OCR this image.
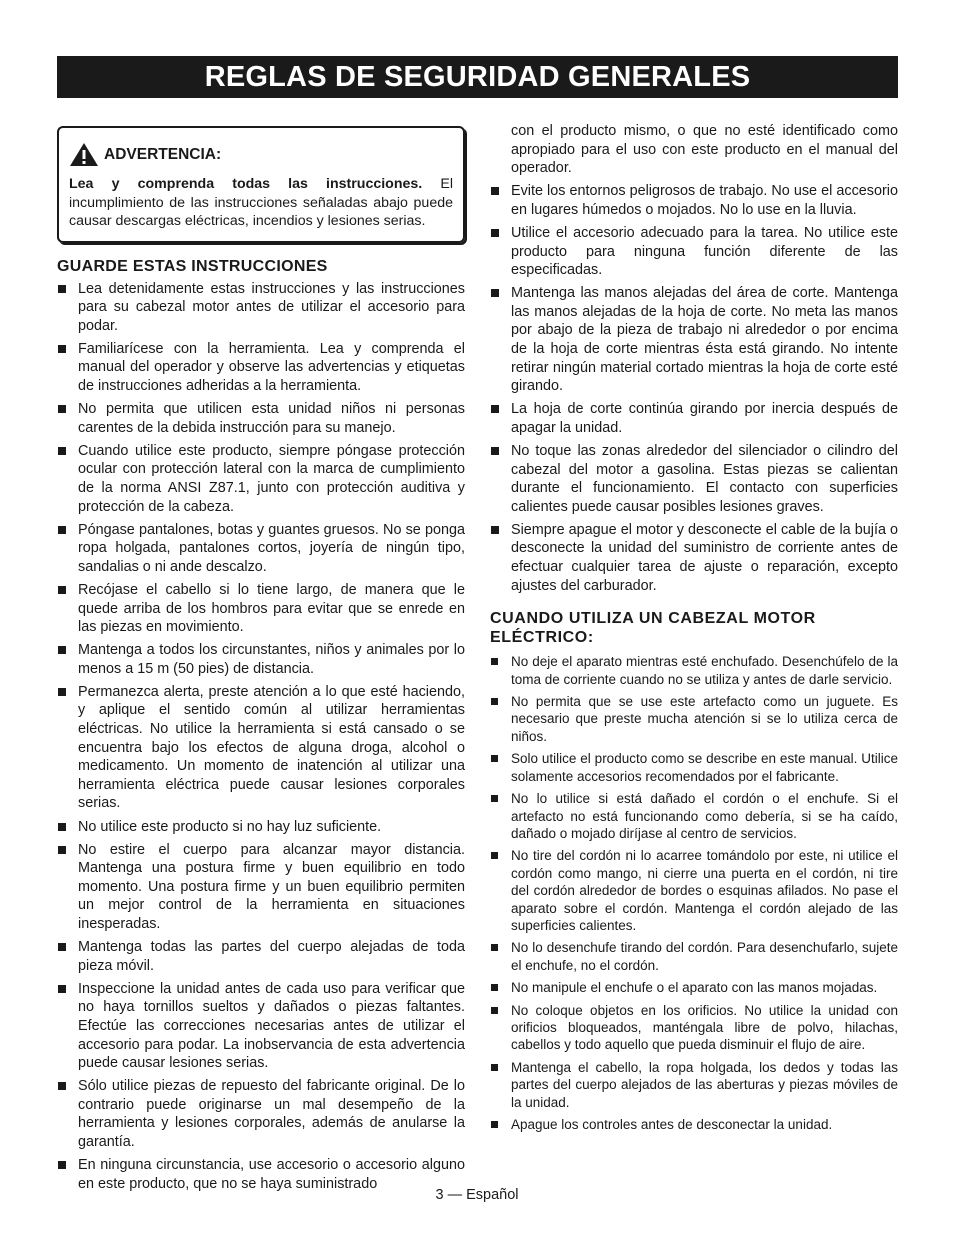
REGLAS DE SEGURIDAD GENERALES
ADVERTENCIA:

Lea y comprenda todas las instrucciones. El incumplimiento de las instrucciones señaladas abajo puede causar descargas eléctricas, incendios y lesiones serias.

GUARDE ESTAS INSTRUCCIONES
Lea detenidamente estas instrucciones y las instrucciones para su cabezal motor antes de utilizar el accesorio para podar.
Familiarícese con la herramienta. Lea y comprenda el manual del operador y observe las advertencias y etiquetas de instrucciones adheridas a la herramienta.
No permita que utilicen esta unidad niños ni personas carentes de la debida instrucción para su manejo.
Cuando utilice este producto, siempre póngase protección ocular con protección lateral con la marca de cumplimiento de la norma ANSI Z87.1, junto con protección auditiva y protección de la cabeza.
Póngase pantalones, botas y guantes gruesos. No se ponga ropa holgada, pantalones cortos, joyería de ningún tipo, sandalias o ni ande descalzo.
Recójase el cabello si lo tiene largo, de manera que le quede arriba de los hombros para evitar que se enrede en las piezas en movimiento.
Mantenga a todos los circunstantes, niños y animales por lo menos a 15 m (50 pies) de distancia.
Permanezca alerta, preste atención a lo que esté haciendo, y aplique el sentido común al utilizar herramientas eléctricas. No utilice la herramienta si está cansado o se encuentra bajo los efectos de alguna droga, alcohol o medicamento. Un momento de inatención al utilizar una herramienta eléctrica puede causar lesiones corporales serias.
No utilice este producto si no hay luz suficiente.
No estire el cuerpo para alcanzar mayor distancia. Mantenga una postura firme y buen equilibrio en todo momento. Una postura firme y un buen equilibrio permiten un mejor control de la herramienta en situaciones inesperadas.
Mantenga todas las partes del cuerpo alejadas de toda pieza móvil.
Inspeccione la unidad antes de cada uso para verificar que no haya tornillos sueltos y dañados o piezas faltantes. Efectúe las correcciones necesarias antes de utilizar el accesorio para podar. La inobservancia de esta advertencia puede causar lesiones serias.
Sólo utilice piezas de repuesto del fabricante original. De lo contrario puede originarse un mal desempeño de la herramienta y lesiones corporales, además de anularse la garantía.
En ninguna circunstancia, use accesorio o accesorio alguno en este producto, que no se haya suministrado
con el producto mismo, o que no esté identificado como apropiado para el uso con este producto en el manual del operador.
Evite los entornos peligrosos de trabajo. No use el accesorio en lugares húmedos o mojados. No lo use en la lluvia.
Utilice el accesorio adecuado para la tarea. No utilice este producto para ninguna función diferente de las especificadas.
Mantenga las manos alejadas del área de corte. Mantenga las manos alejadas de la hoja de corte. No meta las manos por abajo de la pieza de trabajo ni alrededor o por encima de la hoja de corte mientras ésta está girando. No intente retirar ningún material cortado mientras la hoja de corte esté girando.
La hoja de corte continúa girando por inercia después de apagar la unidad.
No toque las zonas alrededor del silenciador o cilindro del cabezal del motor a gasolina. Estas piezas se calientan durante el funcionamiento. El contacto con superficies calientes puede causar posibles lesiones graves.
Siempre apague el motor y desconecte el cable de la bujía o desconecte la unidad del suministro de corriente antes de efectuar cualquier tarea de ajuste o reparación, excepto ajustes del carburador.
CUANDO UTILIZA UN CABEZAL MOTOR ELÉCTRICO:
No deje el aparato mientras esté enchufado. Desenchúfelo de la toma de corriente cuando no se utiliza y antes de darle servicio.
No permita que se use este artefacto como un juguete. Es necesario que preste mucha atención si se lo utiliza cerca de niños.
Solo utilice el producto como se describe en este manual. Utilice solamente accesorios recomendados por el fabricante.
No lo utilice si está dañado el cordón o el enchufe. Si el artefacto no está funcionando como debería, si se ha caído, dañado o mojado diríjase al centro de servicios.
No tire del cordón ni lo acarree tomándolo por este, ni utilice el cordón como mango, ni cierre una puerta en el cordón, ni tire del cordón alrededor de bordes o esquinas afilados. No pase el aparato sobre el cordón. Mantenga el cordón alejado de las superficies calientes.
No lo desenchufe tirando del cordón. Para desenchufarlo, sujete el enchufe, no el cordón.
No manipule el enchufe o el aparato con las manos mojadas.
No coloque objetos en los orificios. No utilice la unidad con orificios bloqueados, manténgala libre de polvo, hilachas, cabellos y todo aquello que pueda disminuir el flujo de aire.
Mantenga el cabello, la ropa holgada, los dedos y todas las partes del cuerpo alejados de las aberturas y piezas móviles de la unidad.
Apague los controles antes de desconectar la unidad.
3 — Español
